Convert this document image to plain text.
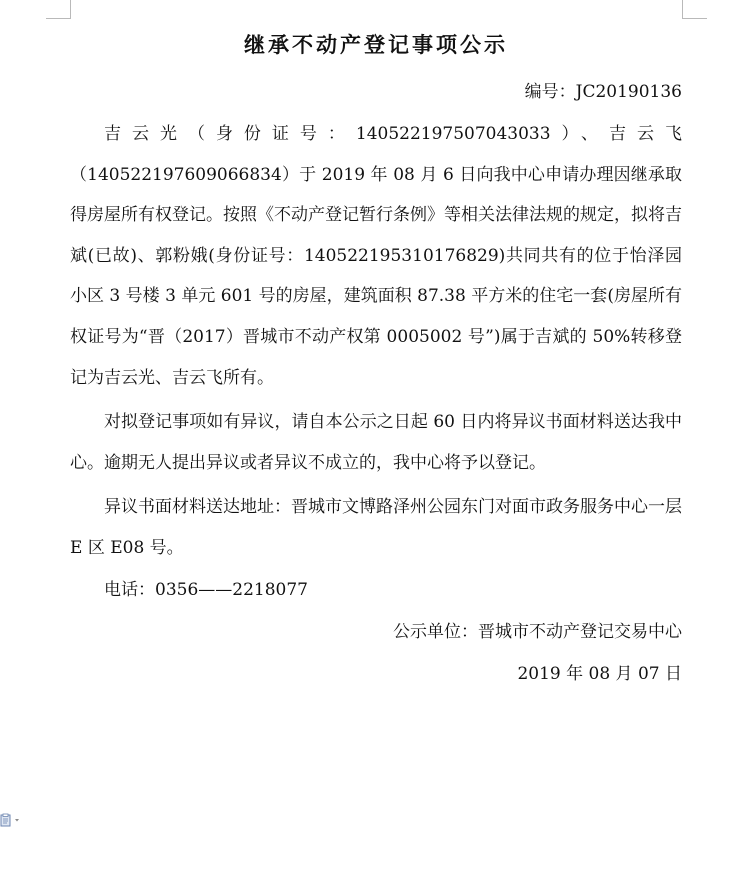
继承不动产登记事项公示
编号：JC20190136

吉云光（身份证号：140522197507043033）、吉云飞（140522197609066834）于 2019 年 08 月 6 日向我中心申请办理因继承取得房屋所有权登记。按照《不动产登记暂行条例》等相关法律法规的规定，拟将吉斌(已故)、郭粉娥(身份证号：140522195310176829)共同共有的位于怡泽园小区 3 号楼 3 单元 601 号的房屋，建筑面积 87.38 平方米的住宅一套(房屋所有权证号为“晋（2017）晋城市不动产权第 0005002 号”)属于吉斌的 50%转移登记为吉云光、吉云飞所有。

对拟登记事项如有异议，请自本公示之日起 60 日内将异议书面材料送达我中心。逾期无人提出异议或者异议不成立的，我中心将予以登记。

异议书面材料送达地址：晋城市文博路泽州公园东门对面市政务服务中心一层 E 区 E08 号。

电话：0356——2218077

公示单位：晋城市不动产登记交易中心

2019 年 08 月 07 日
